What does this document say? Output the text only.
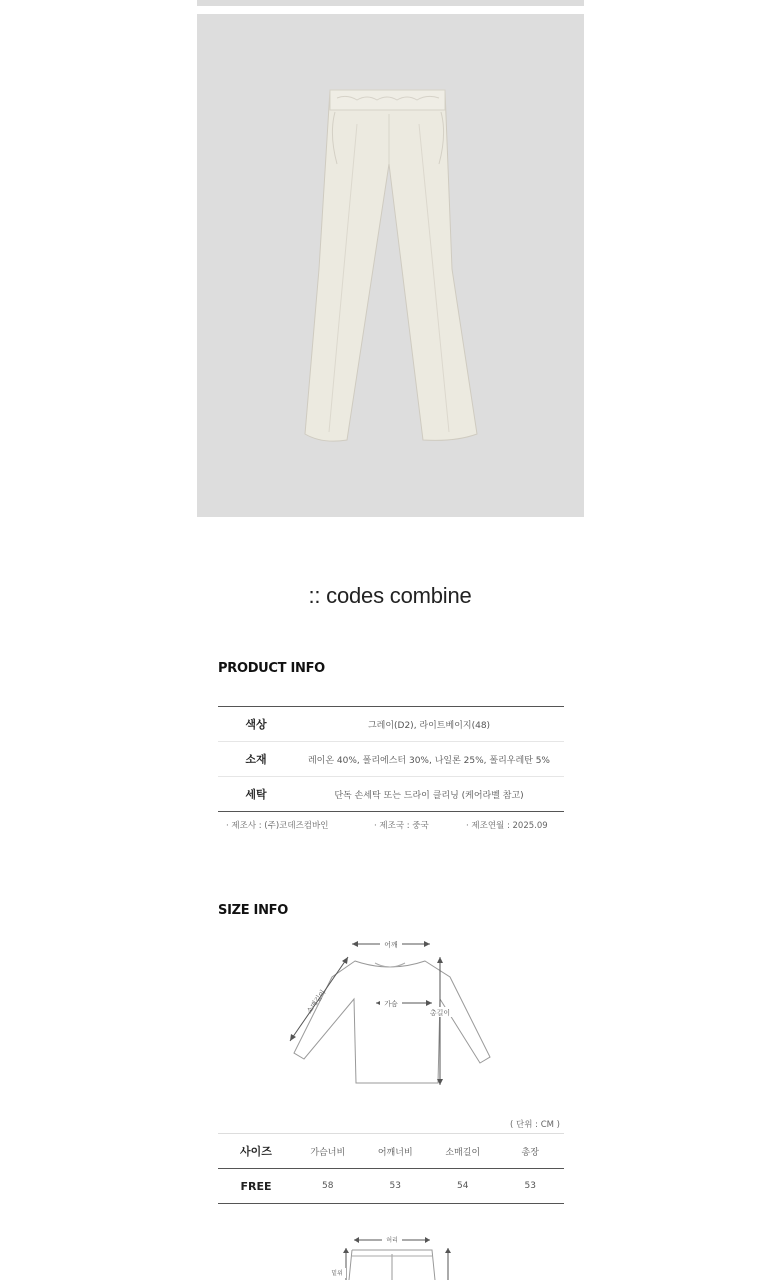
:: codes combine
PRODUCT INFO
색상	그레이(D2), 라이트베이지(48)
소재	레이온 40%, 폴리에스터 30%, 나일론 25%, 폴리우레탄 5%
세탁	단독 손세탁 또는 드라이 클리닝 (케어라벨 참고)
· 제조사 : (주)코데즈컴바인	· 제조국 : 중국	· 제조연월 : 2025.09
SIZE INFO
어깨
가슴
총길이
소매길이
( 단위 : CM )
사이즈	가슴너비	어깨너비	소매길이	총장
FREE	58	53	54	53
허리
밑위
